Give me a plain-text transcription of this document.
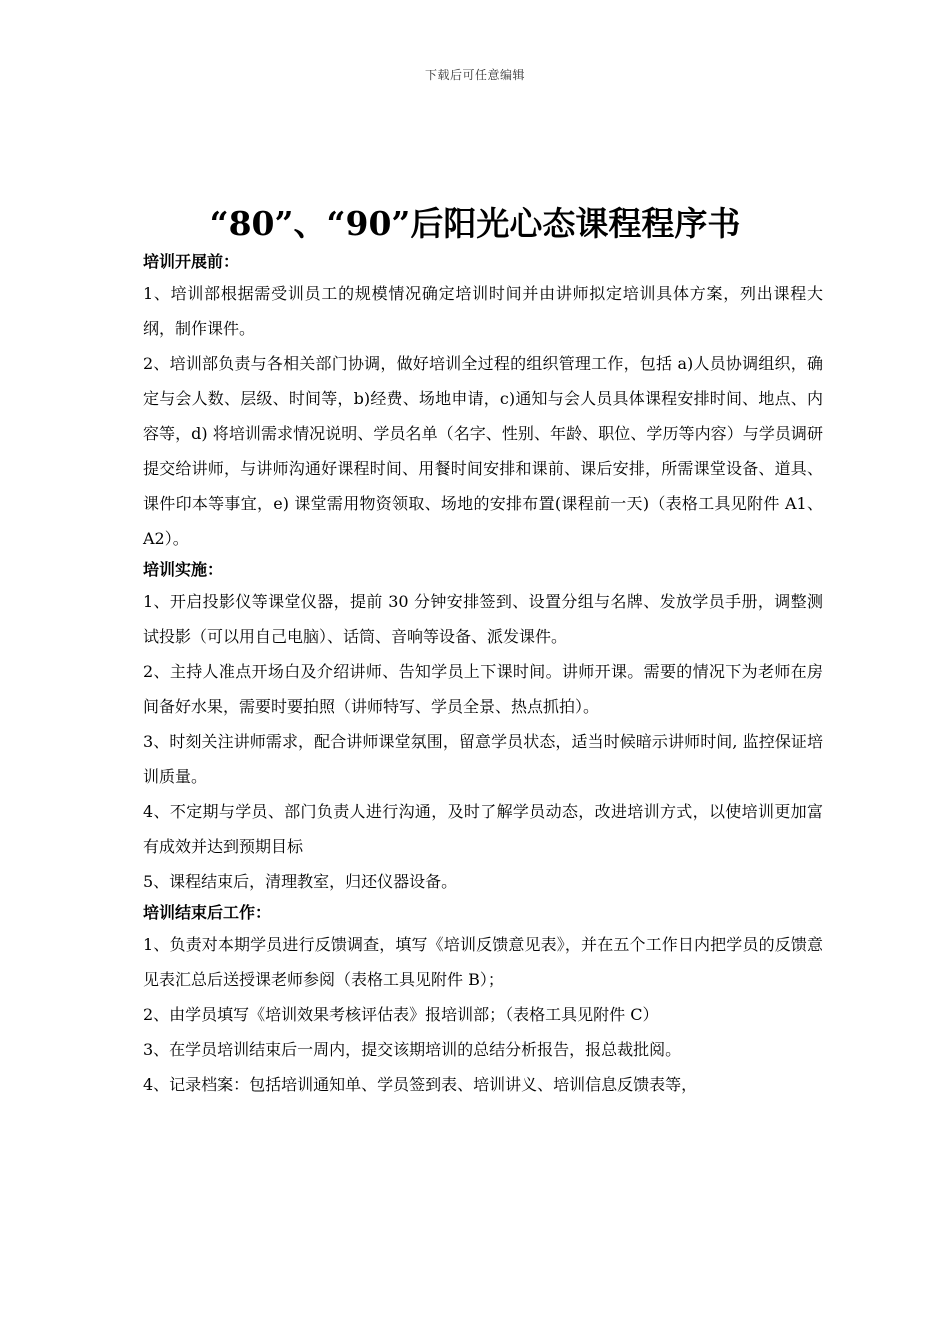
下载后可任意编辑
“80”、“90”后阳光心态课程程序书

培训开展前：

1、培训部根据需受训员工的规模情况确定培训时间并由讲师拟定培训具体方案，列出课程大纲，制作课件。

2、培训部负责与各相关部门协调，做好培训全过程的组织管理工作，包括 a)人员协调组织，确定与会人数、层级、时间等，b)经费、场地申请，c)通知与会人员具体课程安排时间、地点、内容等，d) 将培训需求情况说明、学员名单（名字、性别、年龄、职位、学历等内容）与学员调研提交给讲师，与讲师沟通好课程时间、用餐时间安排和课前、课后安排，所需课堂设备、道具、课件印本等事宜，e) 课堂需用物资领取、场地的安排布置(课程前一天)（表格工具见附件 A1、A2）。

培训实施：

1、开启投影仪等课堂仪器，提前 30 分钟安排签到、设置分组与名牌、发放学员手册，调整测试投影（可以用自己电脑）、话筒、音响等设备、派发课件。

2、主持人准点开场白及介绍讲师、告知学员上下课时间。讲师开课。需要的情况下为老师在房间备好水果，需要时要拍照（讲师特写、学员全景、热点抓拍）。

3、时刻关注讲师需求，配合讲师课堂氛围，留意学员状态，适当时候暗示讲师时间, 监控保证培训质量。

4、不定期与学员、部门负责人进行沟通，及时了解学员动态，改进培训方式，以使培训更加富有成效并达到预期目标

5、课程结束后，清理教室，归还仪器设备。

培训结束后工作：

1、负责对本期学员进行反馈调查，填写《培训反馈意见表》，并在五个工作日内把学员的反馈意见表汇总后送授课老师参阅（表格工具见附件 B）；

2、由学员填写《培训效果考核评估表》报培训部；（表格工具见附件 C）

3、在学员培训结束后一周内，提交该期培训的总结分析报告，报总裁批阅。

4、记录档案：包括培训通知单、学员签到表、培训讲义、培训信息反馈表等，
